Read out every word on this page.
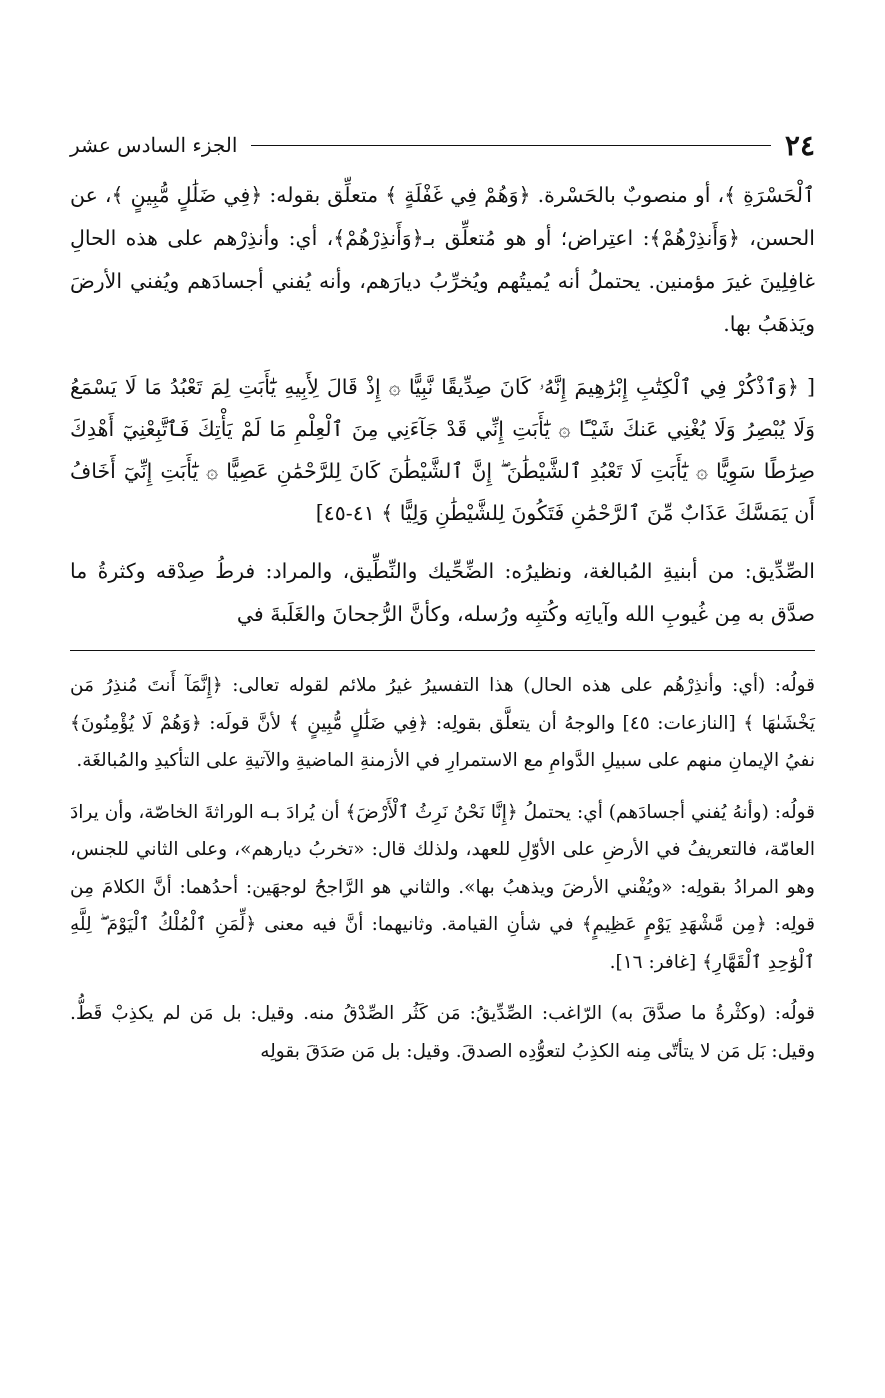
٢٤
الجزء السادس عشر

ٱلْحَسْرَةِ ﴾، أو منصوبٌ بالحَسْرة. ﴿وَهُمْ فِي غَفْلَةٍ ﴾ متعلِّق بقوله: ﴿فِي ضَلَٰلٍ مُّبِينٍ ﴾، عن الحسن، ﴿وَأَنذِرْهُمْ﴾: اعتِراض؛ أو هو مُتعلِّق بـ﴿وَأَنذِرْهُمْ﴾، أي: وأنذِرْهم على هذه الحالِ غافِلِينَ غيرَ مؤمنين. يحتملُ أنه يُميتُهم ويُخرِّبُ ديارَهم، وأنه يُفني أجسادَهم ويُفني الأرضَ ويَذهَبُ بها.

[ ﴿وَٱذْكُرْ فِي ٱلْكِتَٰبِ إِبْرَٰهِيمَ إِنَّهُۥ كَانَ صِدِّيقًا نَّبِيًّا ۞ إِذْ قَالَ لِأَبِيهِ يَٰٓأَبَتِ لِمَ تَعْبُدُ مَا لَا يَسْمَعُ وَلَا يُبْصِرُ وَلَا يُغْنِي عَنكَ شَيْـًٔا ۞ يَٰٓأَبَتِ إِنِّي قَدْ جَآءَنِي مِنَ ٱلْعِلْمِ مَا لَمْ يَأْتِكَ فَٱتَّبِعْنِيٓ أَهْدِكَ صِرَٰطًا سَوِيًّا ۞ يَٰٓأَبَتِ لَا تَعْبُدِ ٱلشَّيْطَٰنَ ۖ إِنَّ ٱلشَّيْطَٰنَ كَانَ لِلرَّحْمَٰنِ عَصِيًّا ۞ يَٰٓأَبَتِ إِنِّيٓ أَخَافُ أَن يَمَسَّكَ عَذَابٌ مِّنَ ٱلرَّحْمَٰنِ فَتَكُونَ لِلشَّيْطَٰنِ وَلِيًّا ﴾ ٤١-٤٥]

الصِّدِّيق: من أبنيةِ المُبالغة، ونظيرُه: الضِّحِّيك والنِّطِّيق، والمراد: فرطُ صِدْقه وكثرةُ ما صدَّق به مِن غُيوبِ الله وآياتِه وكُتبِه ورُسله، وكأنَّ الرُّجحانَ والغَلَبةَ في

قولُه: (أي: وأنذِرْهُم على هذه الحال) هذا التفسيرُ غيرُ ملائم لقوله تعالى: ﴿إِنَّمَآ أَنتَ مُنذِرُ مَن يَخْشَىٰهَا ﴾ [النازعات: ٤٥] والوجهُ أن يتعلَّق بقولِه: ﴿فِي ضَلَٰلٍ مُّبِينٍ ﴾ لأنَّ قولَه: ﴿وَهُمْ لَا يُؤْمِنُونَ﴾ نفيُ الإيمانِ منهم على سبيلِ الدَّوامِ مع الاستمرارِ في الأزمنةِ الماضيةِ والآتيةِ على التأكيدِ والمُبالغَة.

قولُه: (وأنهُ يُفني أجسادَهم) أي: يحتملُ ﴿إِنَّا نَحْنُ نَرِثُ ٱلْأَرْضَ﴾ أن يُرادَ بـه الوراثةَ الخاصّة، وأن يرادَ العامّة، فالتعريفُ في الأرضِ على الأوّلِ للعهد، ولذلك قال: «تخربُ ديارهم»، وعلى الثاني للجنس، وهو المرادُ بقولِه: «ويُفْني الأرضَ ويذهبُ بها». والثاني هو الرَّاجحُ لوجهَين: أحدُهما: أنَّ الكلامَ مِن قولِه: ﴿مِن مَّشْهَدِ يَوْمٍ عَظِيمٍ﴾ في شأنِ القيامة. وثانيهما: أنَّ فيه معنى ﴿لِّمَنِ ٱلْمُلْكُ ٱلْيَوْمَ ۖ لِلَّهِ ٱلْوَٰحِدِ ٱلْقَهَّارِ﴾ [غافر: ١٦].

قولُه: (وكثْرةُ ما صدَّقَ به) الرّاغب: الصِّدِّيقُ: مَن كَثُر الصِّدْقُ منه. وقيل: بل مَن لم يكذِبْ قَطُّ. وقيل: بَل مَن لا يتأتّى مِنه الكذِبُ لتعوُّدِه الصدقَ. وقيل: بل مَن صَدَقَ بقولِه
